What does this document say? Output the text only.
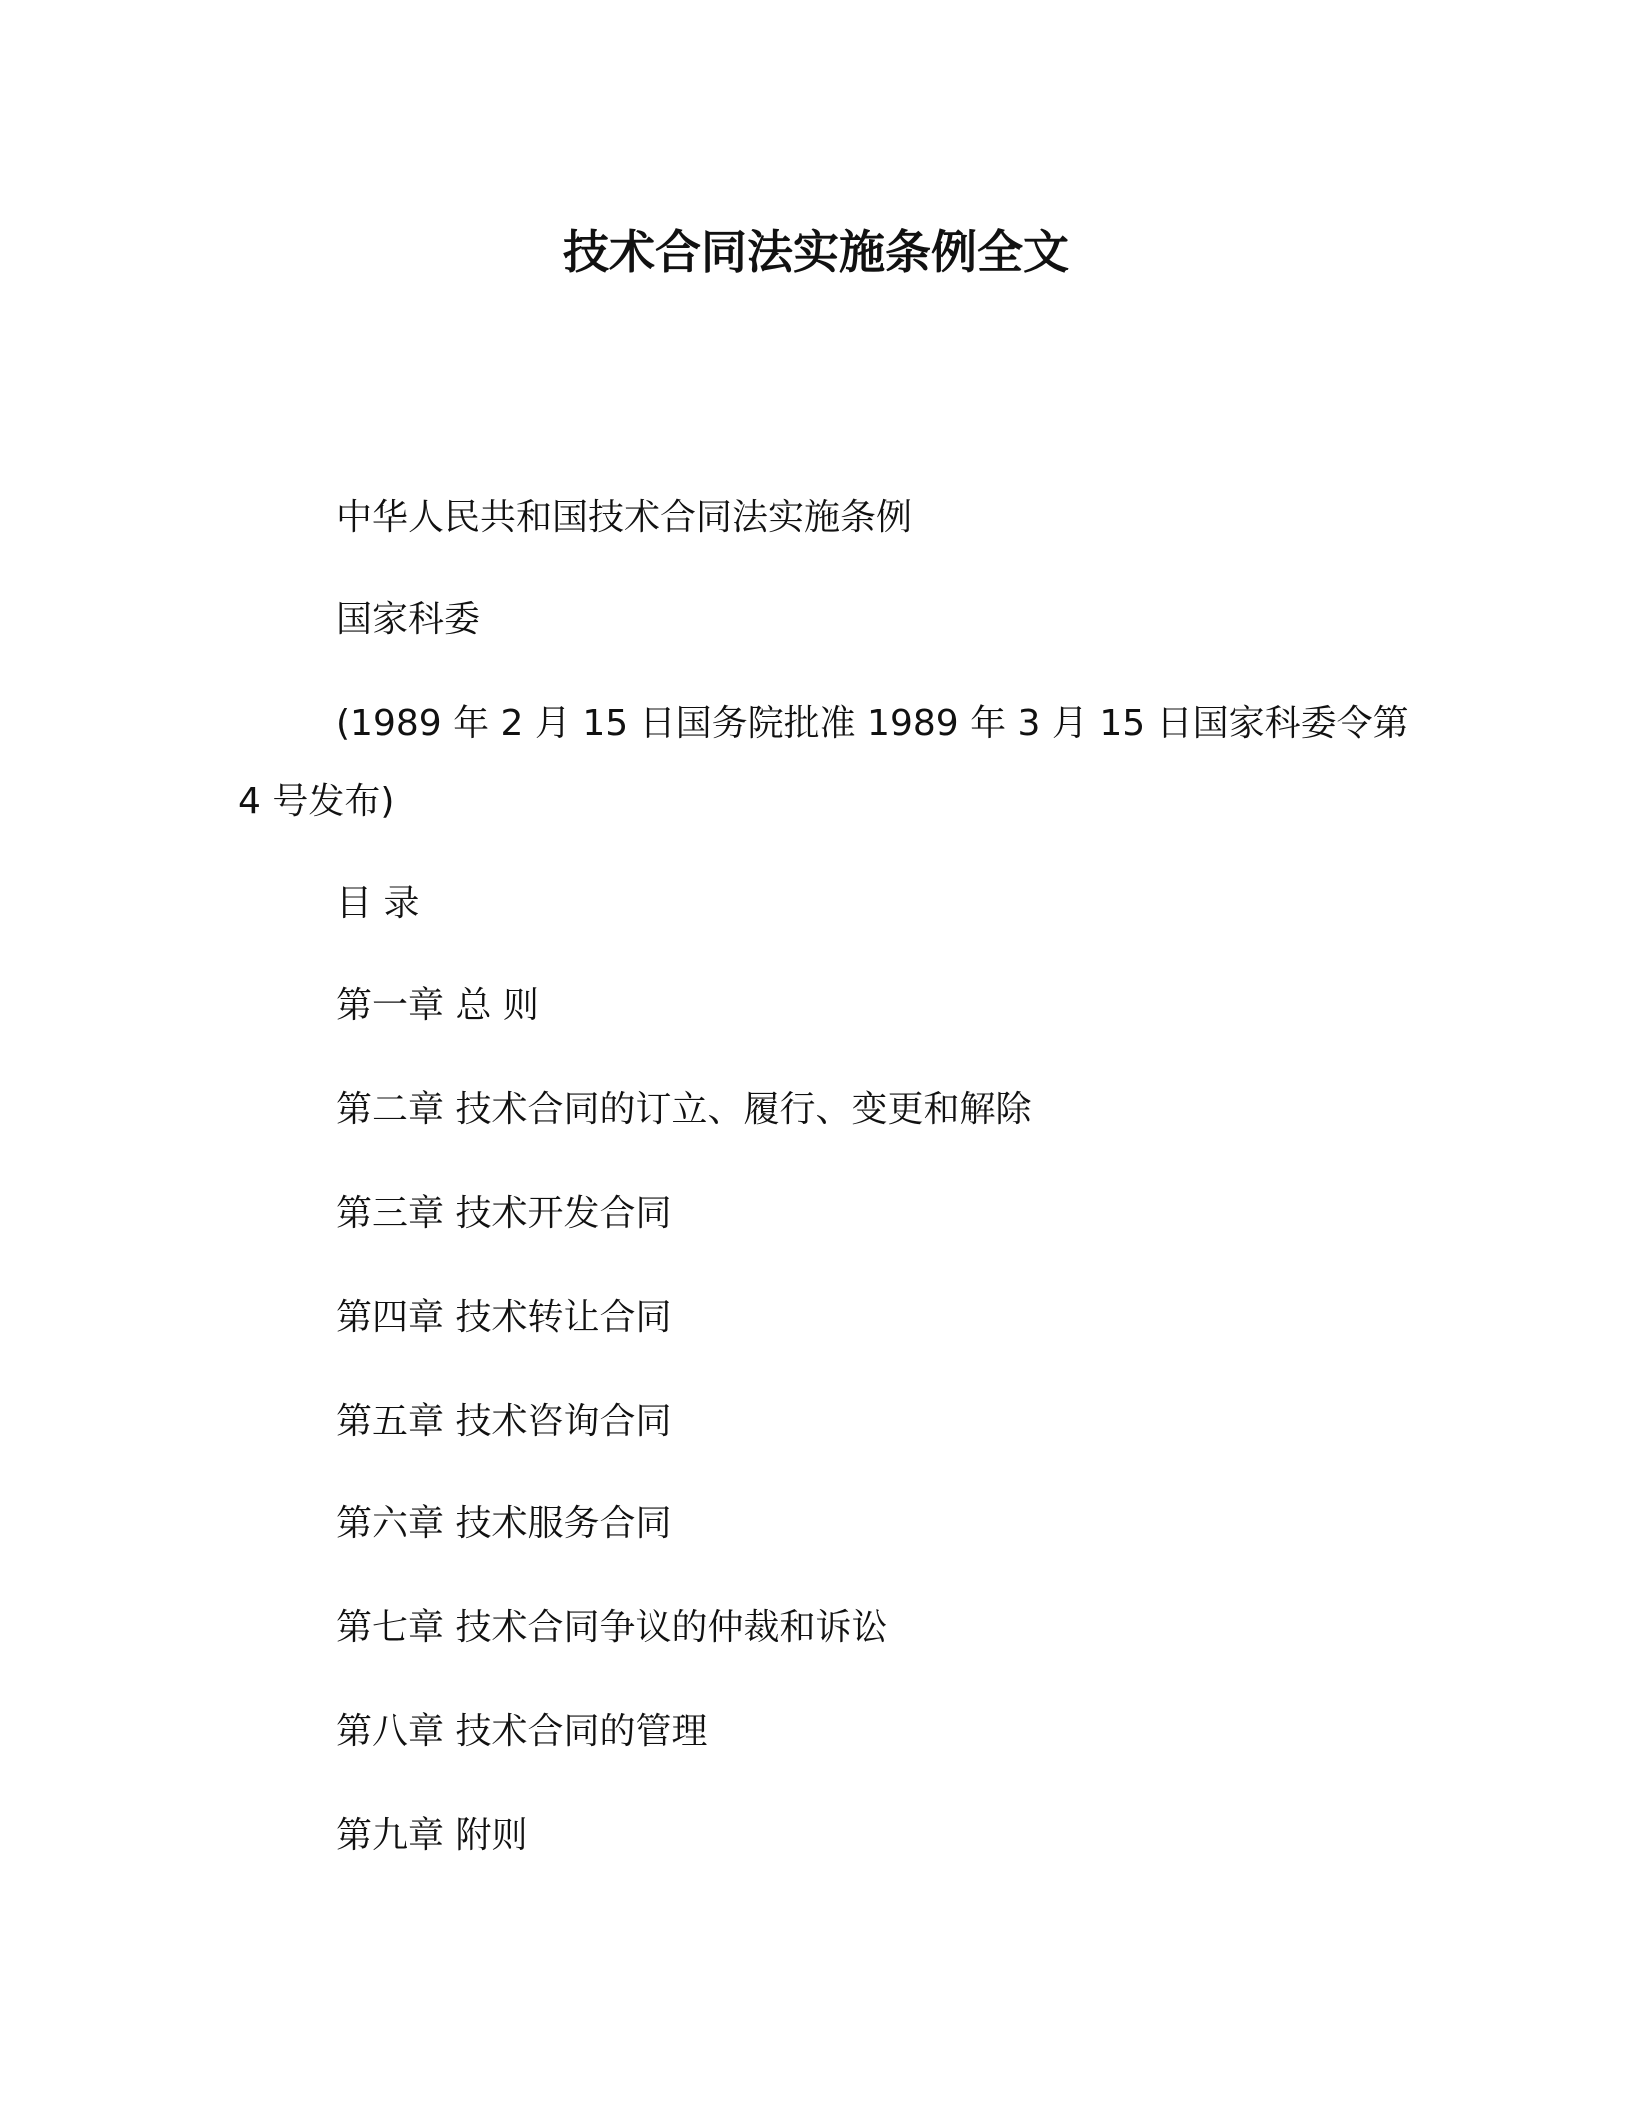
技术合同法实施条例全文

中华人民共和国技术合同法实施条例

国家科委

(1989 年 2 月 15 日国务院批准 1989 年 3 月 15 日国家科委令第
4 号发布)

目 录

第一章 总 则

第二章 技术合同的订立、履行、变更和解除

第三章 技术开发合同

第四章 技术转让合同

第五章 技术咨询合同

第六章 技术服务合同

第七章 技术合同争议的仲裁和诉讼

第八章 技术合同的管理

第九章 附则
